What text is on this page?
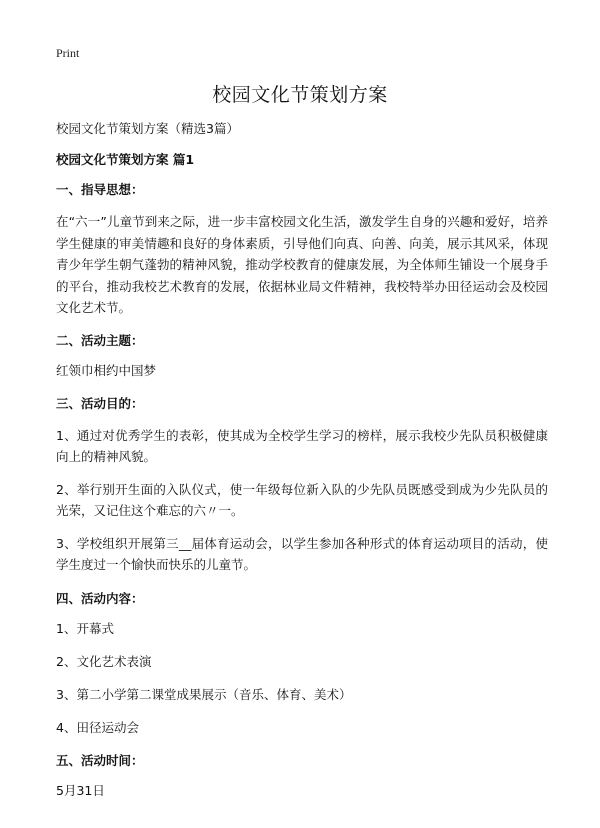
Print
校园文化节策划方案
校园文化节策划方案（精选3篇）
校园文化节策划方案 篇1
一、指导思想：
在“六一”儿童节到来之际，进一步丰富校园文化生活，激发学生自身的兴趣和爱好，培养学生健康的审美情趣和良好的身体素质，引导他们向真、向善、向美，展示其风采，体现青少年学生朝气蓬勃的精神风貌，推动学校教育的健康发展，为全体师生铺设一个展身手的平台，推动我校艺术教育的发展，依据林业局文件精神，我校特举办田径运动会及校园文化艺术节。
二、活动主题：
红领巾相约中国梦
三、活动目的：
1、通过对优秀学生的表彰，使其成为全校学生学习的榜样，展示我校少先队员积极健康向上的精神风貌。
2、举行别开生面的入队仪式，使一年级每位新入队的少先队员既感受到成为少先队员的光荣，又记住这个难忘的六〃一。
3、学校组织开展第三__届体育运动会，以学生参加各种形式的体育运动项目的活动，使学生度过一个愉快而快乐的儿童节。
四、活动内容：
1、开幕式
2、文化艺术表演
3、第二小学第二课堂成果展示（音乐、体育、美术）
4、田径运动会
五、活动时间：
5月31日
